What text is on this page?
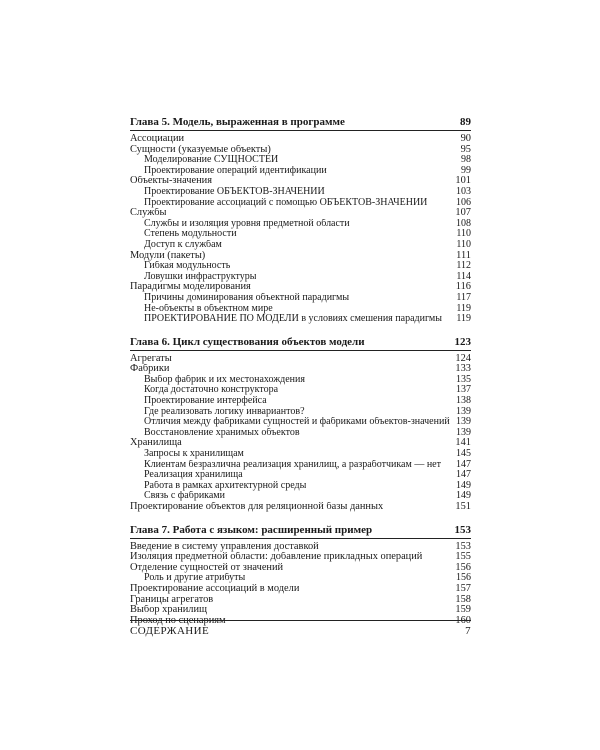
Глава 5. Модель, выраженная в программе	89
Ассоциации	90
Сущности (указуемые объекты)	95
Моделирование СУЩНОСТЕЙ	98
Проектирование операций идентификации	99
Объекты-значения	101
Проектирование ОБЪЕКТОВ-ЗНАЧЕНИЙ	103
Проектирование ассоциаций с помощью ОБЪЕКТОВ-ЗНАЧЕНИЙ	106
Службы	107
Службы и изоляция уровня предметной области	108
Степень модульности	110
Доступ к службам	110
Модули (пакеты)	111
Гибкая модульность	112
Ловушки инфраструктуры	114
Парадигмы моделирования	116
Причины доминирования объектной парадигмы	117
Не-объекты в объектном мире	119
ПРОЕКТИРОВАНИЕ ПО МОДЕЛИ в условиях смешения парадигмы	119
Глава 6. Цикл существования объектов модели	123
Агрегаты	124
Фабрики	133
Выбор фабрик и их местонахождения	135
Когда достаточно конструктора	137
Проектирование интерфейса	138
Где реализовать логику инвариантов?	139
Отличия между фабриками сущностей и фабриками объектов-значений 139
Восстановление хранимых объектов	139
Хранилища	141
Запросы к хранилищам	145
Клиентам безразлична реализация хранилищ, а разработчикам — нет	147
Реализация хранилища	147
Работа в рамках архитектурной среды	149
Связь с фабриками	149
Проектирование объектов для реляционной базы данных	151
Глава 7. Работа с языком: расширенный пример	153
Введение в систему управления доставкой	153
Изоляция предметной области: добавление прикладных операций	155
Отделение сущностей от значений	156
Роль и другие атрибуты	156
Проектирование ассоциаций в модели	157
Границы агрегатов	158
Выбор хранилищ	159
Проход по сценариям	160
СОДЕРЖАНИЕ	7
